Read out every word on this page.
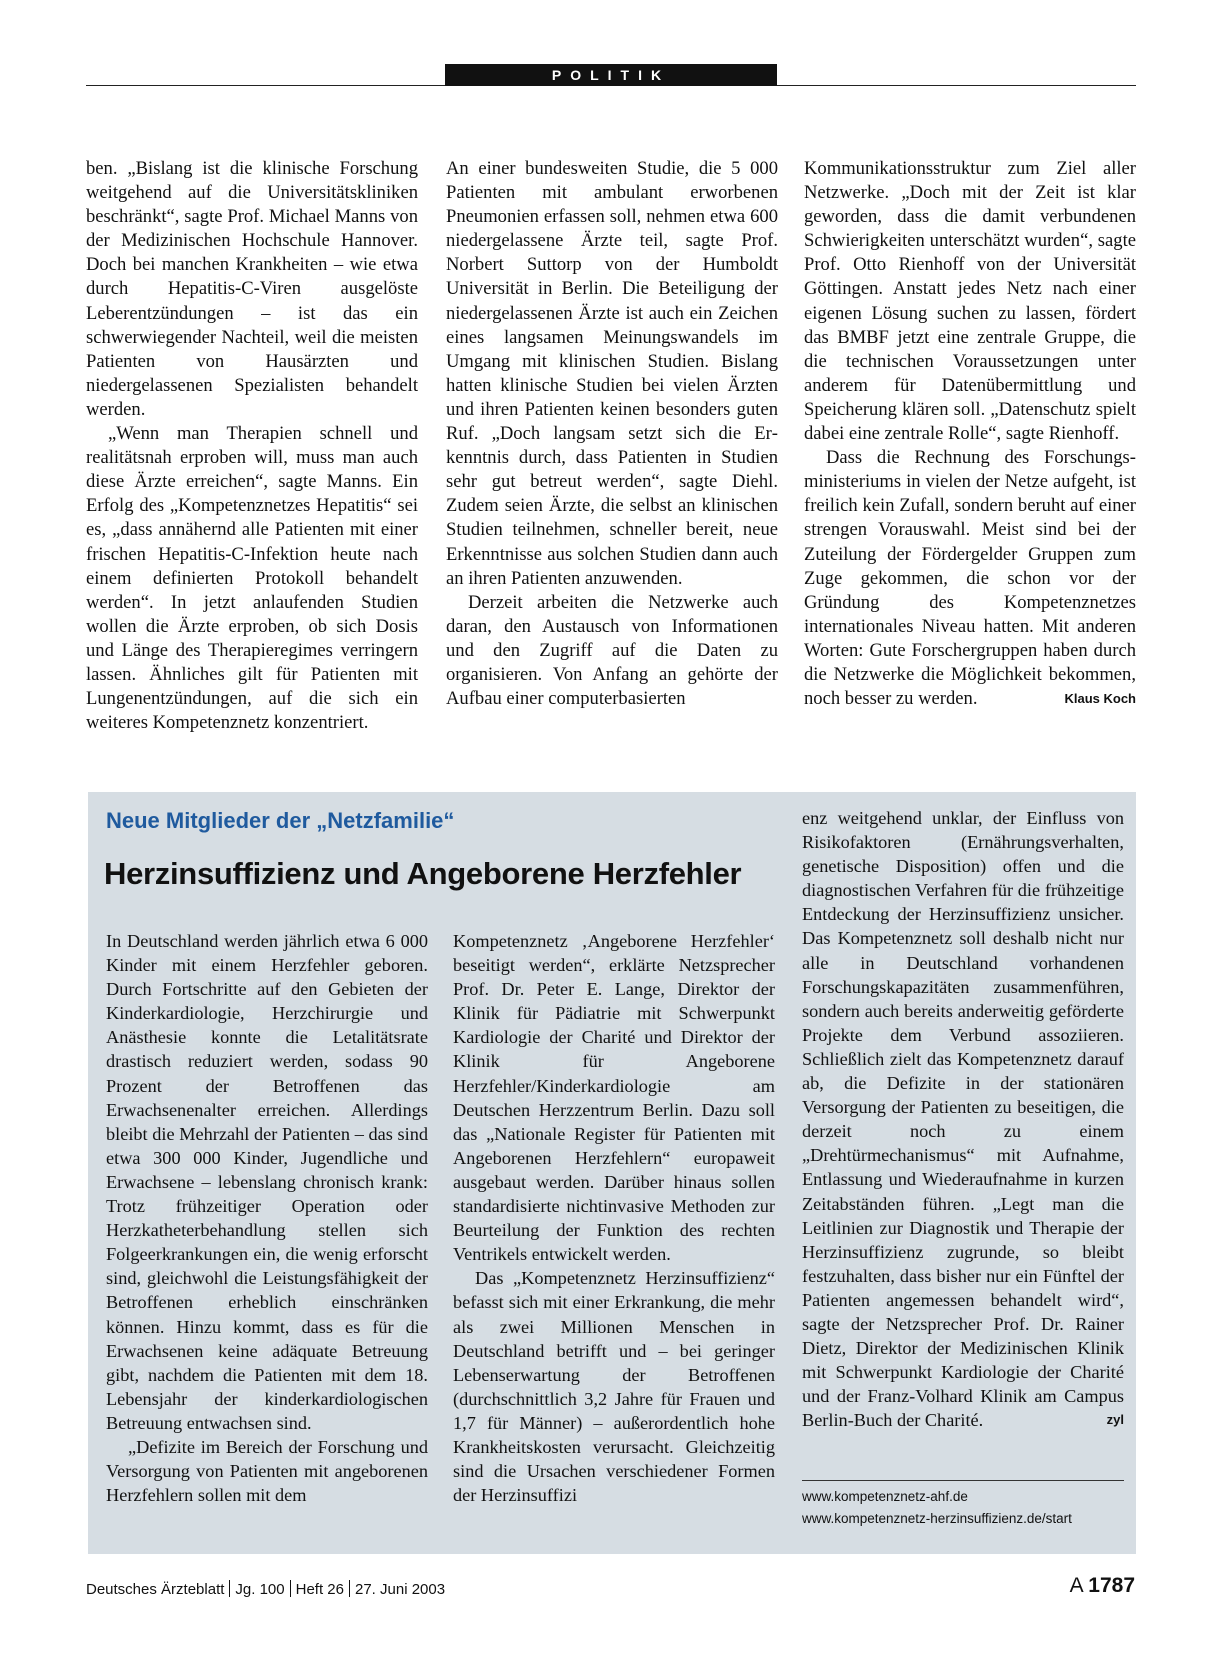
POLITIK

ben. „Bislang ist die klinische Forschung weitgehend auf die Universitätskliniken beschränkt“, sagte Prof. Michael Manns von der Medizinischen Hochschule Hannover. Doch bei manchen Krankheiten – wie etwa durch Hepatitis-C-Viren ausgelöste Leberentzündungen – ist das ein schwerwiegender Nachteil, weil die meisten Patienten von Hausärzten und niedergelassenen Spezialisten behandelt werden.

„Wenn man Therapien schnell und realitätsnah erproben will, muss man auch diese Ärzte erreichen“, sagte Manns. Ein Erfolg des „Kompetenznetzes Hepatitis“ sei es, „dass annähernd alle Patienten mit einer frischen Hepatitis-C-Infektion heute nach einem definierten Protokoll behandelt werden“. In jetzt anlaufenden Studien wollen die Ärzte erproben, ob sich Dosis und Länge des Therapieregimes verringern lassen. Ähnliches gilt für Patienten mit Lungenentzündungen, auf die sich ein weiteres Kompetenznetz konzentriert.

An einer bundesweiten Studie, die 5 000 Patienten mit ambulant erworbenen Pneumonien erfassen soll, nehmen etwa 600 niedergelassene Ärzte teil, sagte Prof. Norbert Suttorp von der Humboldt Universität in Berlin. Die Beteiligung der niedergelassenen Ärzte ist auch ein Zeichen eines langsamen Meinungswandels im Umgang mit klinischen Studien. Bislang hatten klinische Studien bei vielen Ärzten und ihren Patienten keinen besonders guten Ruf. „Doch langsam setzt sich die Erkenntnis durch, dass Patienten in Studien sehr gut betreut werden“, sagte Diehl. Zudem seien Ärzte, die selbst an klinischen Studien teilnehmen, schneller bereit, neue Erkenntnisse aus solchen Studien dann auch an ihren Patienten anzuwenden.

Derzeit arbeiten die Netzwerke auch daran, den Austausch von Informationen und den Zugriff auf die Daten zu organisieren. Von Anfang an gehörte der Aufbau einer computerbasierten

Kommunikationsstruktur zum Ziel aller Netzwerke. „Doch mit der Zeit ist klar geworden, dass die damit verbundenen Schwierigkeiten unterschätzt wurden“, sagte Prof. Otto Rienhoff von der Universität Göttingen. Anstatt jedes Netz nach einer eigenen Lösung suchen zu lassen, fördert das BMBF jetzt eine zentrale Gruppe, die die technischen Voraussetzungen unter anderem für Datenübermittlung und Speicherung klären soll. „Datenschutz spielt dabei eine zentrale Rolle“, sagte Rienhoff.

Dass die Rechnung des Forschungsministeriums in vielen der Netze aufgeht, ist freilich kein Zufall, sondern beruht auf einer strengen Vorauswahl. Meist sind bei der Zuteilung der Fördergelder Gruppen zum Zuge gekommen, die schon vor der Gründung des Kompetenznetzes internationales Niveau hatten. Mit anderen Worten: Gute Forschergruppen haben durch die Netzwerke die Möglichkeit bekommen, noch besser zu werden.	Klaus Koch

Neue Mitglieder der „Netzfamilie“
Herzinsuffizienz und Angeborene Herzfehler

In Deutschland werden jährlich etwa 6 000 Kinder mit einem Herzfehler geboren. Durch Fortschritte auf den Gebieten der Kinderkardiologie, Herzchirurgie und Anästhesie konnte die Letalitätsrate drastisch reduziert werden, sodass 90 Prozent der Betroffenen das Erwachsenenalter erreichen. Allerdings bleibt die Mehrzahl der Patienten – das sind etwa 300 000 Kinder, Jugendliche und Erwachsene – lebenslang chronisch krank: Trotz frühzeitiger Operation oder Herzkatheterbehandlung stellen sich Folgeerkrankungen ein, die wenig erforscht sind, gleichwohl die Leistungsfähigkeit der Betroffenen erheblich einschränken können. Hinzu kommt, dass es für die Erwachsenen keine adäquate Betreuung gibt, nachdem die Patienten mit dem 18. Lebensjahr der kinderkardiologischen Betreuung entwachsen sind.

„Defizite im Bereich der Forschung und Versorgung von Patienten mit angeborenen Herzfehlern sollen mit dem

Kompetenznetz ‚Angeborene Herzfehler‘ beseitigt werden“, erklärte Netzsprecher Prof. Dr. Peter E. Lange, Direktor der Klinik für Pädiatrie mit Schwerpunkt Kardiologie der Charité und Direktor der Klinik für Angeborene Herzfehler/Kinderkardiologie am Deutschen Herzzentrum Berlin. Dazu soll das „Nationale Register für Patienten mit Angeborenen Herzfehlern“ europaweit ausgebaut werden. Darüber hinaus sollen standardisierte nichtinvasive Methoden zur Beurteilung der Funktion des rechten Ventrikels entwickelt werden.

Das „Kompetenznetz Herzinsuffizienz“ befasst sich mit einer Erkrankung, die mehr als zwei Millionen Menschen in Deutschland betrifft und – bei geringer Lebenserwartung der Betroffenen (durchschnittlich 3,2 Jahre für Frauen und 1,7 für Männer) – außerordentlich hohe Krankheitskosten verursacht. Gleichzeitig sind die Ursachen verschiedener Formen der Herzinsuffizi

enz weitgehend unklar, der Einfluss von Risikofaktoren (Ernährungsverhalten, genetische Disposition) offen und die diagnostischen Verfahren für die frühzeitige Entdeckung der Herzinsuffizienz unsicher. Das Kompetenznetz soll deshalb nicht nur alle in Deutschland vorhandenen Forschungskapazitäten zusammenführen, sondern auch bereits anderweitig geförderte Projekte dem Verbund assoziieren. Schließlich zielt das Kompetenznetz darauf ab, die Defizite in der stationären Versorgung der Patienten zu beseitigen, die derzeit noch zu einem „Drehtürmechanismus“ mit Aufnahme, Entlassung und Wiederaufnahme in kurzen Zeitabständen führen. „Legt man die Leitlinien zur Diagnostik und Therapie der Herzinsuffizienz zugrunde, so bleibt festzuhalten, dass bisher nur ein Fünftel der Patienten angemessen behandelt wird“, sagte der Netzsprecher Prof. Dr. Rainer Dietz, Direktor der Medizinischen Klinik mit Schwerpunkt Kardiologie der Charité und der Franz-Volhard Klinik am Campus Berlin-Buch der Charité.	zyl

www.kompetenznetz-ahf.de
www.kompetenznetz-herzinsuffizienz.de/start
Deutsches Ärzteblatt Jg. 100 Heft 26 27. Juni 2003	A 1787
